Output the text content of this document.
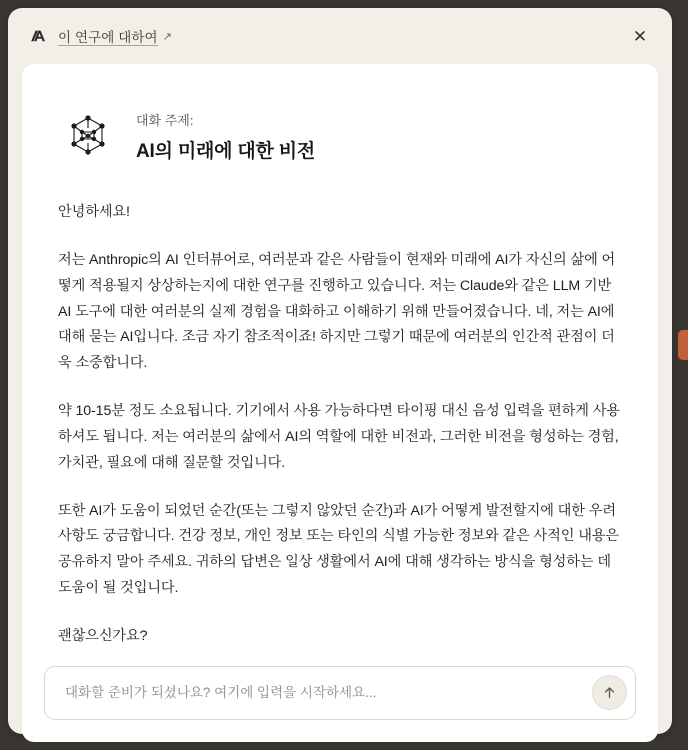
이 연구에 대하여 ↗	✕
대화 주제:
AI의 미래에 대한 비전

안녕하세요!

저는 Anthropic의 AI 인터뷰어로, 여러분과 같은 사람들이 현재와 미래에 AI가 자신의 삶에 어떻게 적용될지 상상하는지에 대한 연구를 진행하고 있습니다. 저는 Claude와 같은 LLM 기반 AI 도구에 대한 여러분의 실제 경험을 대화하고 이해하기 위해 만들어졌습니다. 네, 저는 AI에 대해 묻는 AI입니다. 조금 자기 참조적이죠! 하지만 그렇기 때문에 여러분의 인간적 관점이 더욱 소중합니다.

약 10-15분 정도 소요됩니다. 기기에서 사용 가능하다면 타이핑 대신 음성 입력을 편하게 사용하셔도 됩니다. 저는 여러분의 삶에서 AI의 역할에 대한 비전과, 그러한 비전을 형성하는 경험, 가치관, 필요에 대해 질문할 것입니다.

또한 AI가 도움이 되었던 순간(또는 그렇지 않았던 순간)과 AI가 어떻게 발전할지에 대한 우려 사항도 궁금합니다. 건강 정보, 개인 정보 또는 타인의 식별 가능한 정보와 같은 사적인 내용은 공유하지 말아 주세요. 귀하의 답변은 일상 생활에서 AI에 대해 생각하는 방식을 형성하는 데 도움이 될 것입니다.

괜찮으신가요?

대화할 준비가 되셨나요? 여기에 입력을 시작하세요...
